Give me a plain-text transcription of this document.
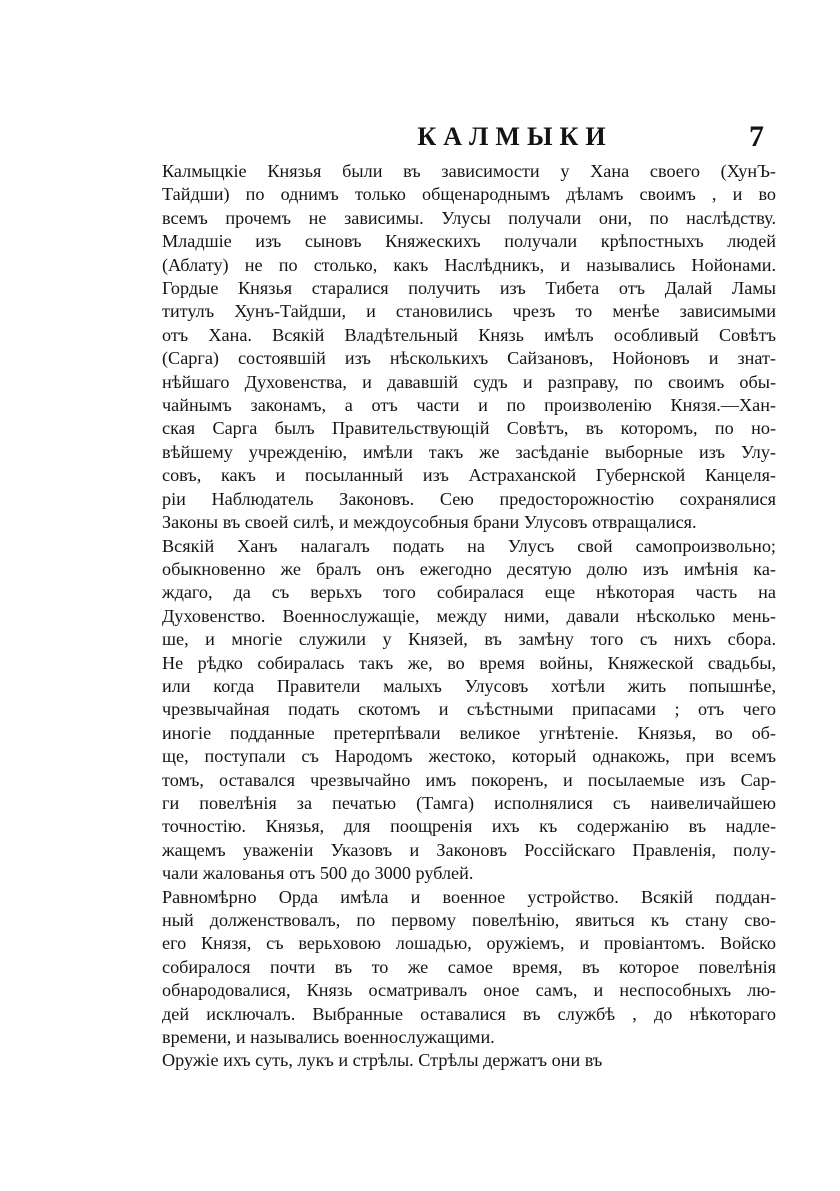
КАЛМЫКИ	7

Калмыцкіе Князья были въ зависимости у Хана своего (ХунЪ-
Тайдши) по однимъ только общенароднымъ дѣламъ своимъ , и во
всемъ прочемъ не зависимы. Улусы получали они, по наслѣдству.
Младшіе изъ сыновъ Княжескихъ получали крѣпостныхъ людей
(Аблату) не по столько, какъ Наслѣдникъ, и назывались Нойонами.
Гордые Князья старалися получить изъ Тибета отъ Далай Ламы
титулъ Хунъ-Тайдши, и становились чрезъ то менѣе зависимыми
отъ Хана. Всякій Владѣтельный Князь имѣлъ особливый Совѣтъ
(Сарга) состоявшій изъ нѣсколькихъ Сайзановъ, Нойоновъ и знат-
нѣйшаго Духовенства, и дававшій судъ и разправу, по своимъ обы-
чайнымъ законамъ, а отъ части и по произволенію Князя.—Хан-
ская Сарга былъ Правительствующій Совѣтъ, въ которомъ, по но-
вѣйшему учрежденію, имѣли такъ же засѣданіе выборные изъ Улу-
совъ, какъ и посыланный изъ Астраханской Губернской Канцеля-
ріи Наблюдатель Законовъ. Сею предосторожностію сохранялися
Законы въ своей силѣ, и междоусобныя брани Улусовъ отвращалися.

Всякій Ханъ налагалъ подать на Улусъ свой самопроизвольно;
обыкновенно же бралъ онъ ежегодно десятую долю изъ имѣнія ка-
ждаго, да съ верьхъ того собиралася еще нѣкоторая часть на
Духовенство. Военнослужащіе, между ними, давали нѣсколько мень-
ше, и многіе служили у Князей, въ замѣну того съ нихъ сбора.
Не рѣдко собиралась такъ же, во время войны, Княжеской свадьбы,
или когда Правители малыхъ Улусовъ хотѣли жить попышнѣе,
чрезвычайная подать скотомъ и съѣстными припасами ; отъ чего
иногіе подданные претерпѣвали великое угнѣтеніе. Князья, во об-
ще, поступали съ Народомъ жестоко, который однакожь, при всемъ
томъ, оставался чрезвычайно имъ покоренъ, и посылаемые изъ Сар-
ги повелѣнія за печатью (Тамга) исполнялися съ наивеличайшею
точностію. Князья, для поощренія ихъ къ содержанію въ надле-
жащемъ уваженіи Указовъ и Законовъ Россійскаго Правленія, полу-
чали жалованья отъ 500 до 3000 рублей.

Равномѣрно Орда имѣла и военное устройство. Всякій поддан-
ный долженствовалъ, по первому повелѣнію, явиться къ стану сво-
его Князя, съ верьховою лошадью, оружіемъ, и провіантомъ. Войско
собиралося почти въ то же самое время, въ которое повелѣнія
обнародовалися, Князь осматривалъ оное самъ, и неспособныхъ лю-
дей исключалъ. Выбранные оставалися въ службѣ , до нѣкотораго
времени, и назывались военнослужащими.

Оружіе ихъ суть, лукъ и стрѣлы. Стрѣлы держатъ они въ
